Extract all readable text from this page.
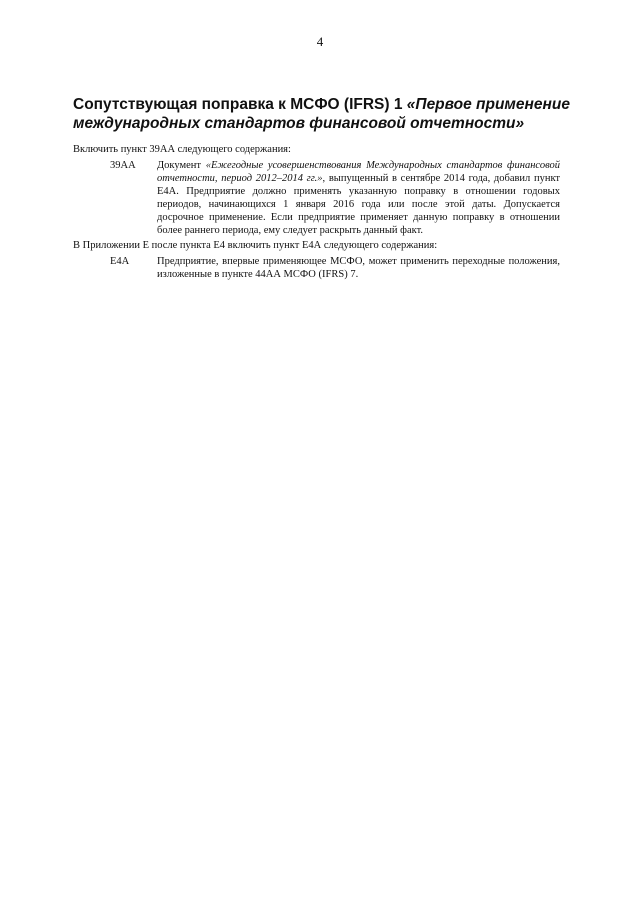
4
Сопутствующая поправка к МСФО (IFRS) 1 «Первое применение международных стандартов финансовой отчетности»
Включить пункт 39АА следующего содержания:
39АА	Документ «Ежегодные усовершенствования Международных стандартов финансовой отчетности, период 2012–2014 гг.», выпущенный в сентябре 2014 года, добавил пункт Е4А. Предприятие должно применять указанную поправку в отношении годовых периодов, начинающихся 1 января 2016 года или после этой даты. Допускается досрочное применение. Если предприятие применяет данную поправку в отношении более раннего периода, ему следует раскрыть данный факт.
В Приложении Е после пункта Е4 включить пункт Е4А следующего содержания:
Е4А	Предприятие, впервые применяющее МСФО, может применить переходные положения, изложенные в пункте 44АА МСФО (IFRS) 7.
